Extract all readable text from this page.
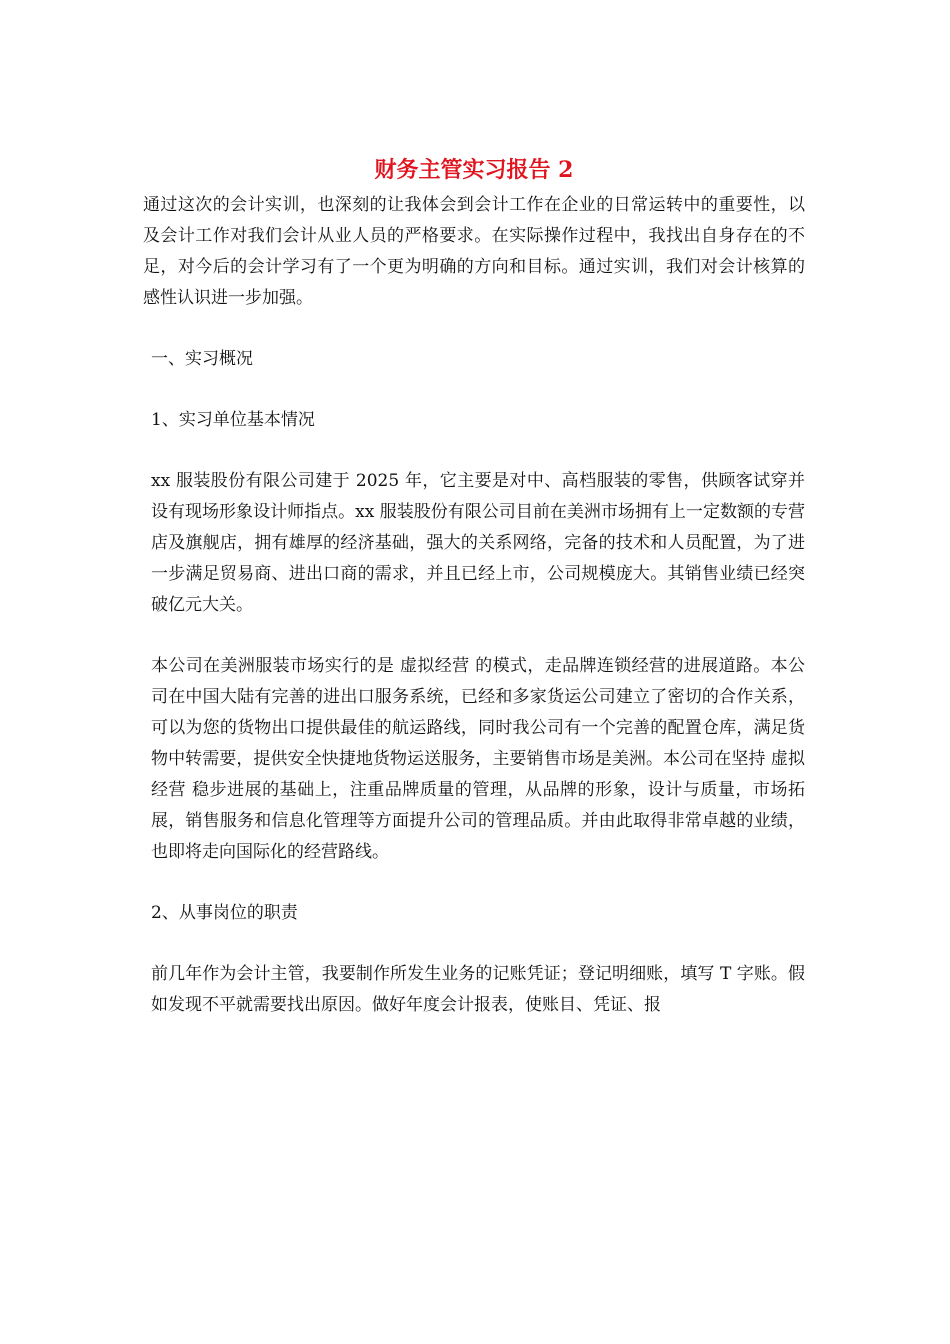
财务主管实习报告 2

通过这次的会计实训，也深刻的让我体会到会计工作在企业的日常运转中的重要性，以及会计工作对我们会计从业人员的严格要求。在实际操作过程中，我找出自身存在的不足，对今后的会计学习有了一个更为明确的方向和目标。通过实训，我们对会计核算的感性认识进一步加强。

一、实习概况

1、实习单位基本情况

xx 服装股份有限公司建于 2025 年，它主要是对中、高档服装的零售，供顾客试穿并设有现场形象设计师指点。xx 服装股份有限公司目前在美洲市场拥有上一定数额的专营店及旗舰店，拥有雄厚的经济基础，强大的关系网络，完备的技术和人员配置，为了进一步满足贸易商、进出口商的需求，并且已经上市，公司规模庞大。其销售业绩已经突破亿元大关。

本公司在美洲服装市场实行的是 虚拟经营 的模式，走品牌连锁经营的进展道路。本公司在中国大陆有完善的进出口服务系统，已经和多家货运公司建立了密切的合作关系，可以为您的货物出口提供最佳的航运路线，同时我公司有一个完善的配置仓库，满足货物中转需要，提供安全快捷地货物运送服务，主要销售市场是美洲。本公司在坚持 虚拟经营 稳步进展的基础上，注重品牌质量的管理，从品牌的形象，设计与质量，市场拓展，销售服务和信息化管理等方面提升公司的管理品质。并由此取得非常卓越的业绩，也即将走向国际化的经营路线。

2、从事岗位的职责

前几年作为会计主管，我要制作所发生业务的记账凭证；登记明细账，填写 T 字账。假如发现不平就需要找出原因。做好年度会计报表，使账目、凭证、报
